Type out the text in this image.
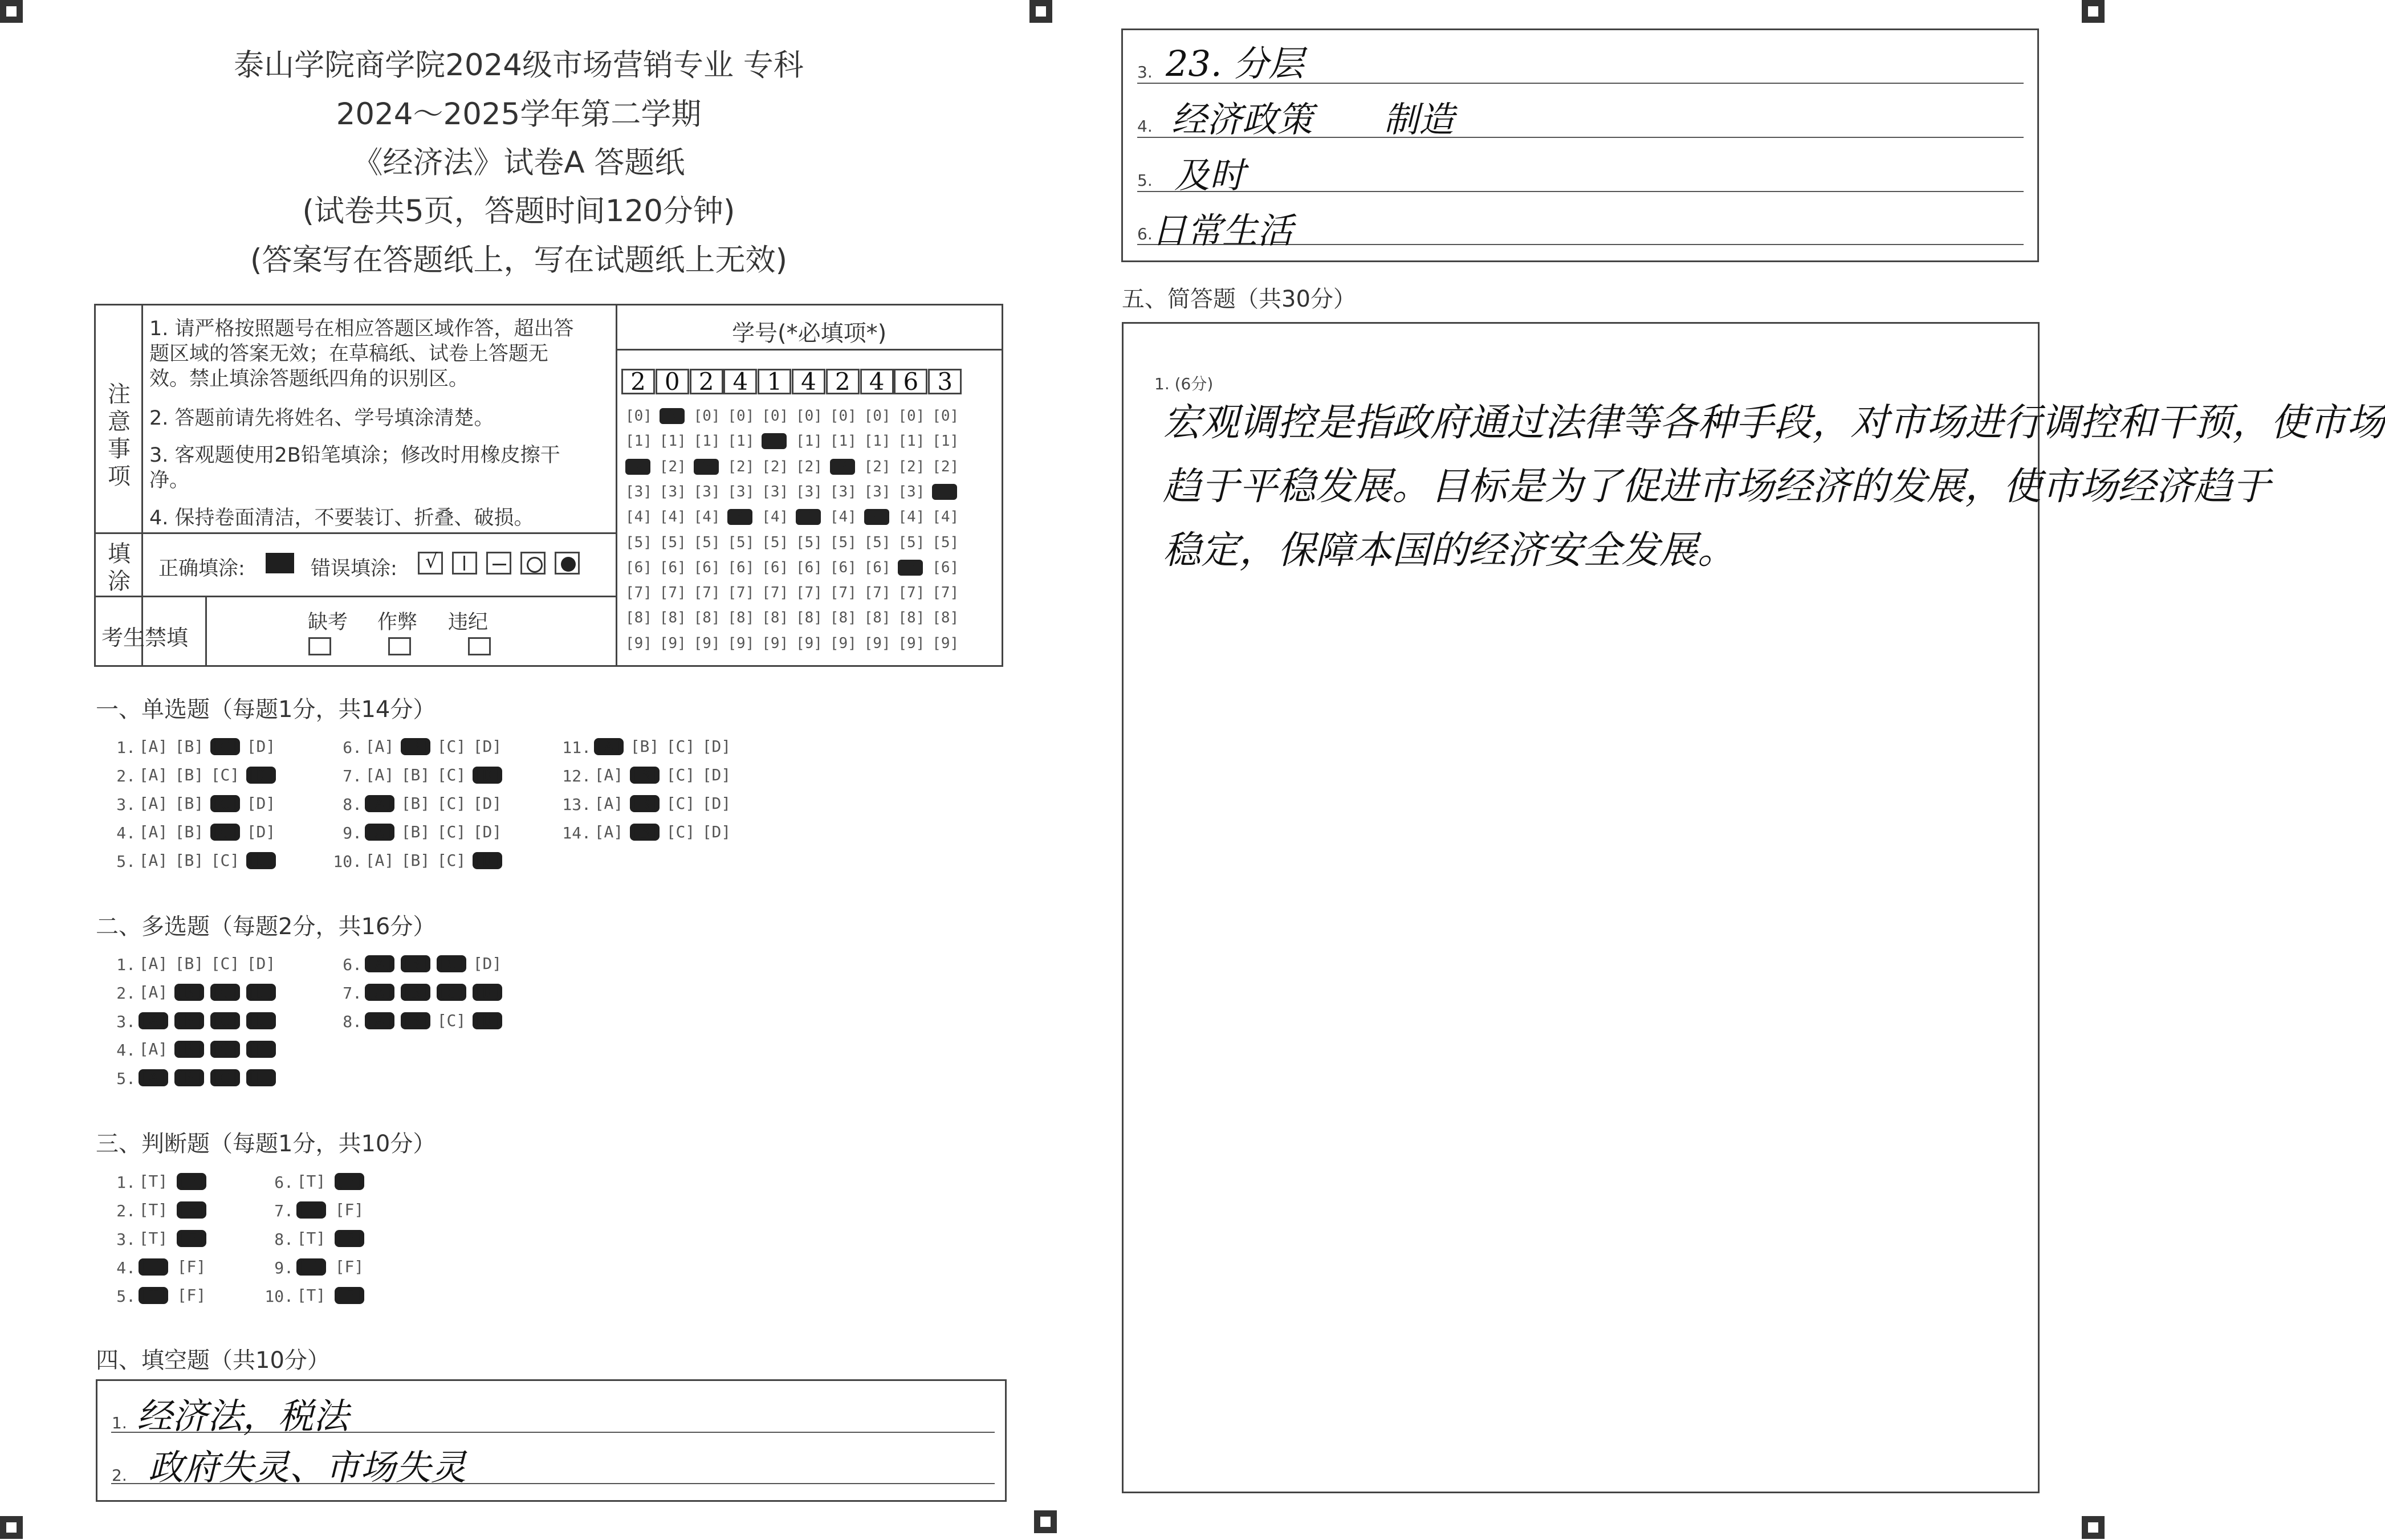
泰山学院商学院2024级市场营销专业 专科
2024～2025学年第二学期
《经济法》试卷A 答题纸
(试卷共5页，答题时间120分钟)
(答案写在答题纸上，写在试题纸上无效)
注意事项
1. 请严格按照题号在相应答题区域作答，超出答题区域的答案无效；在草稿纸、试卷上答题无效。禁止填涂答题纸四角的识别区。
2. 答题前请先将姓名、学号填涂清楚。
3. 客观题使用2B铅笔填涂；修改时用橡皮擦干净。
4. 保持卷面清洁，不要装订、折叠、破损。
填涂 正确填涂:	错误填涂: √
考生禁填
缺考 作弊 违纪
学号(*必填项*)
2 0 2 4 1 4 2 4 6 3
[0]
[1]
[2]
[3]
[4]
[5]
[6]
[7]
[8]
[9]
[0]
[1]
[2]
[3]
[4]
[5]
[6]
[7]
[8]
[9]
[0]
[1]
[2]
[3]
[4]
[5]
[6]
[7]
[8]
[9]
[0]
[1]
[2]
[3]
[4]
[5]
[6]
[7]
[8]
[9]
[0]
[1]
[2]
[3]
[4]
[5]
[6]
[7]
[8]
[9]
[0]
[1]
[2]
[3]
[4]
[5]
[6]
[7]
[8]
[9]
[0]
[1]
[2]
[3]
[4]
[5]
[6]
[7]
[8]
[9]
[0]
[1]
[2]
[3]
[4]
[5]
[6]
[7]
[8]
[9]
[0]
[1]
[2]
[3]
[4]
[5]
[6]
[7]
[8]
[9]
[0]
[1]
[2]
[3]
[4]
[5]
[6]
[7]
[8]
[9]
一、单选题（每题1分，共14分）
1. [A] [B] [C] [D]
2. [A] [B] [C] [D]
3. [A] [B] [C] [D]
4. [A] [B] [C] [D]
5. [A] [B] [C] [D]
6. [A] [B] [C] [D]
7. [A] [B] [C] [D]
8. [A] [B] [C] [D]
9. [A] [B] [C] [D]
10. [A] [B] [C] [D]
11. [A] [B] [C] [D]
12. [A] [B] [C] [D]
13. [A] [B] [C] [D]
14. [A] [B] [C] [D]
二、多选题（每题2分，共16分）
1. [A] [B] [C] [D]
2. [A] [B] [C] [D]
3. [A] [B] [C] [D]
4. [A] [B] [C] [D]
5. [A] [B] [C] [D]
6. [A] [B] [C] [D]
7. [A] [B] [C] [D]
8. [A] [B] [C] [D]
三、判断题（每题1分，共10分）
1. [T] [F]
2. [T] [F]
3. [T] [F]
4. [T] [F]
5. [T] [F]
6. [T] [F]
7. [T] [F]
8. [T] [F]
9. [T] [F]
10. [T] [F]
四、填空题（共10分）
1. 经济法，税法
2. 政府失灵、市场失灵
3. 23. 分层
4. 经济政策　　制造
5. 及时
6.
日常生活
五、简答题（共30分）
1. (6分)
宏观调控是指政府通过法律等各种手段，对市场进行调控和干预，使市场
趋于平稳发展。目标是为了促进市场经济的发展，使市场经济趋于
稳定，保障本国的经济安全发展。
